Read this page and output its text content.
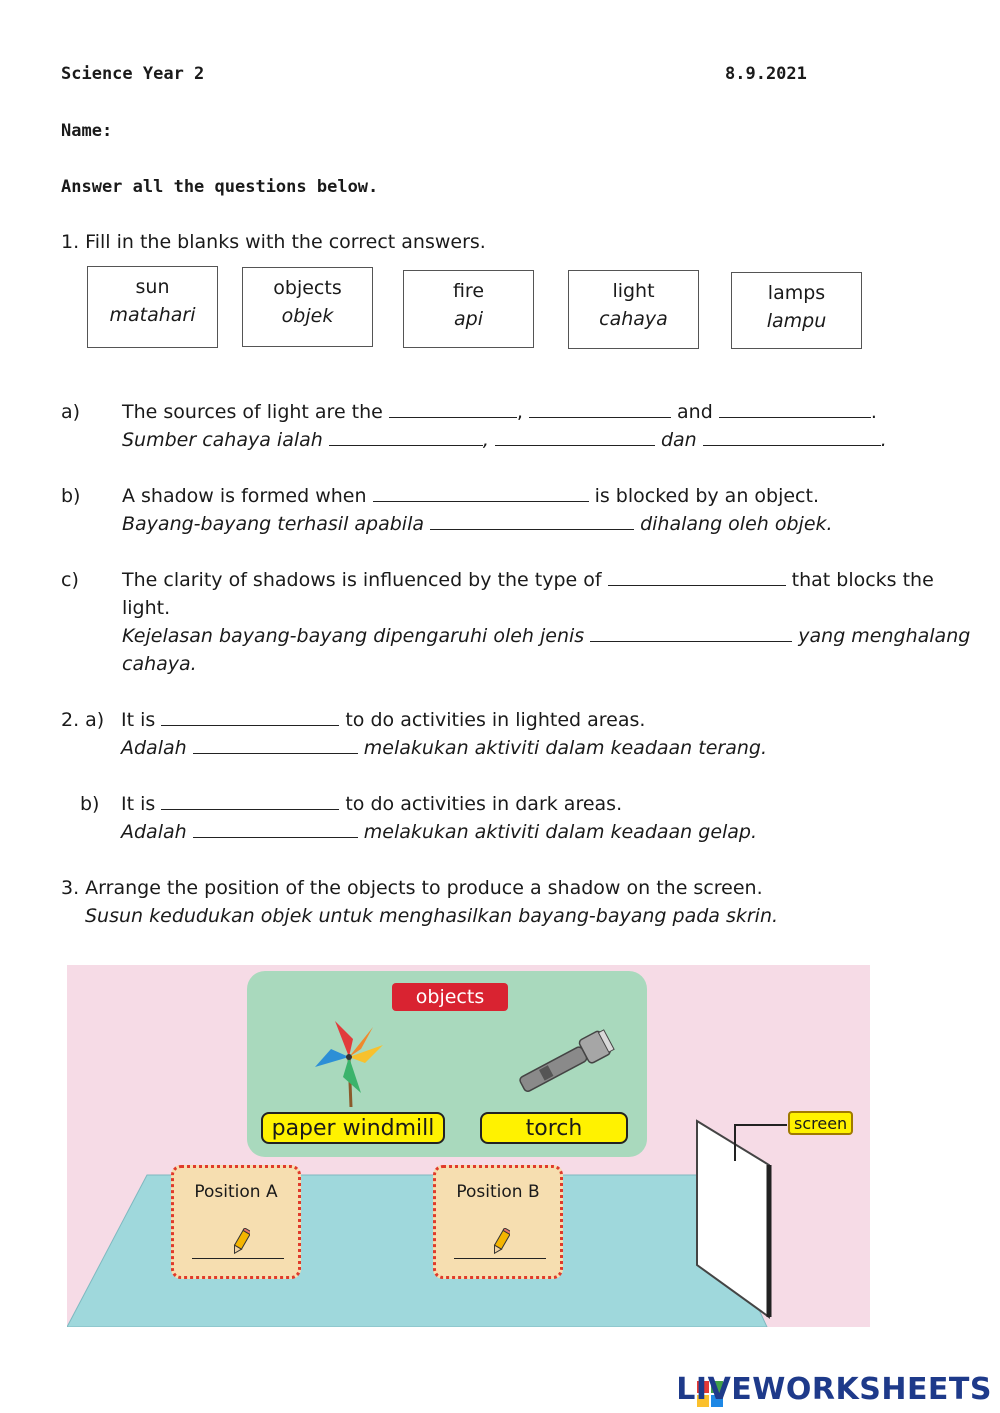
Science Year 2	8.9.2021
Name:
Answer all the questions below.
1. Fill in the blanks with the correct answers.
sun
matahari
objects
objek
fire
api
light
cahaya
lamps
lampu
a) The sources of light are the	,	and	.
Sumber cahaya ialah	,	dan	.
b) A shadow is formed when	is blocked by an object.
Bayang-bayang terhasil apabila	dihalang oleh objek.
c) The clarity of shadows is influenced by the type of	that blocks the
light.
Kejelasan bayang-bayang dipengaruhi oleh jenis	yang menghalang
cahaya.
2. a) It is	to do activities in lighted areas.
Adalah	melakukan aktiviti dalam keadaan terang.
b) It is	to do activities in dark areas.
Adalah	melakukan aktiviti dalam keadaan gelap.
3. Arrange the position of the objects to produce a shadow on the screen.
Susun kedudukan objek untuk menghasilkan bayang-bayang pada skrin.
objects
paper windmill	torch
Position A	Position B
screen
LIVEWORKSHEETS
